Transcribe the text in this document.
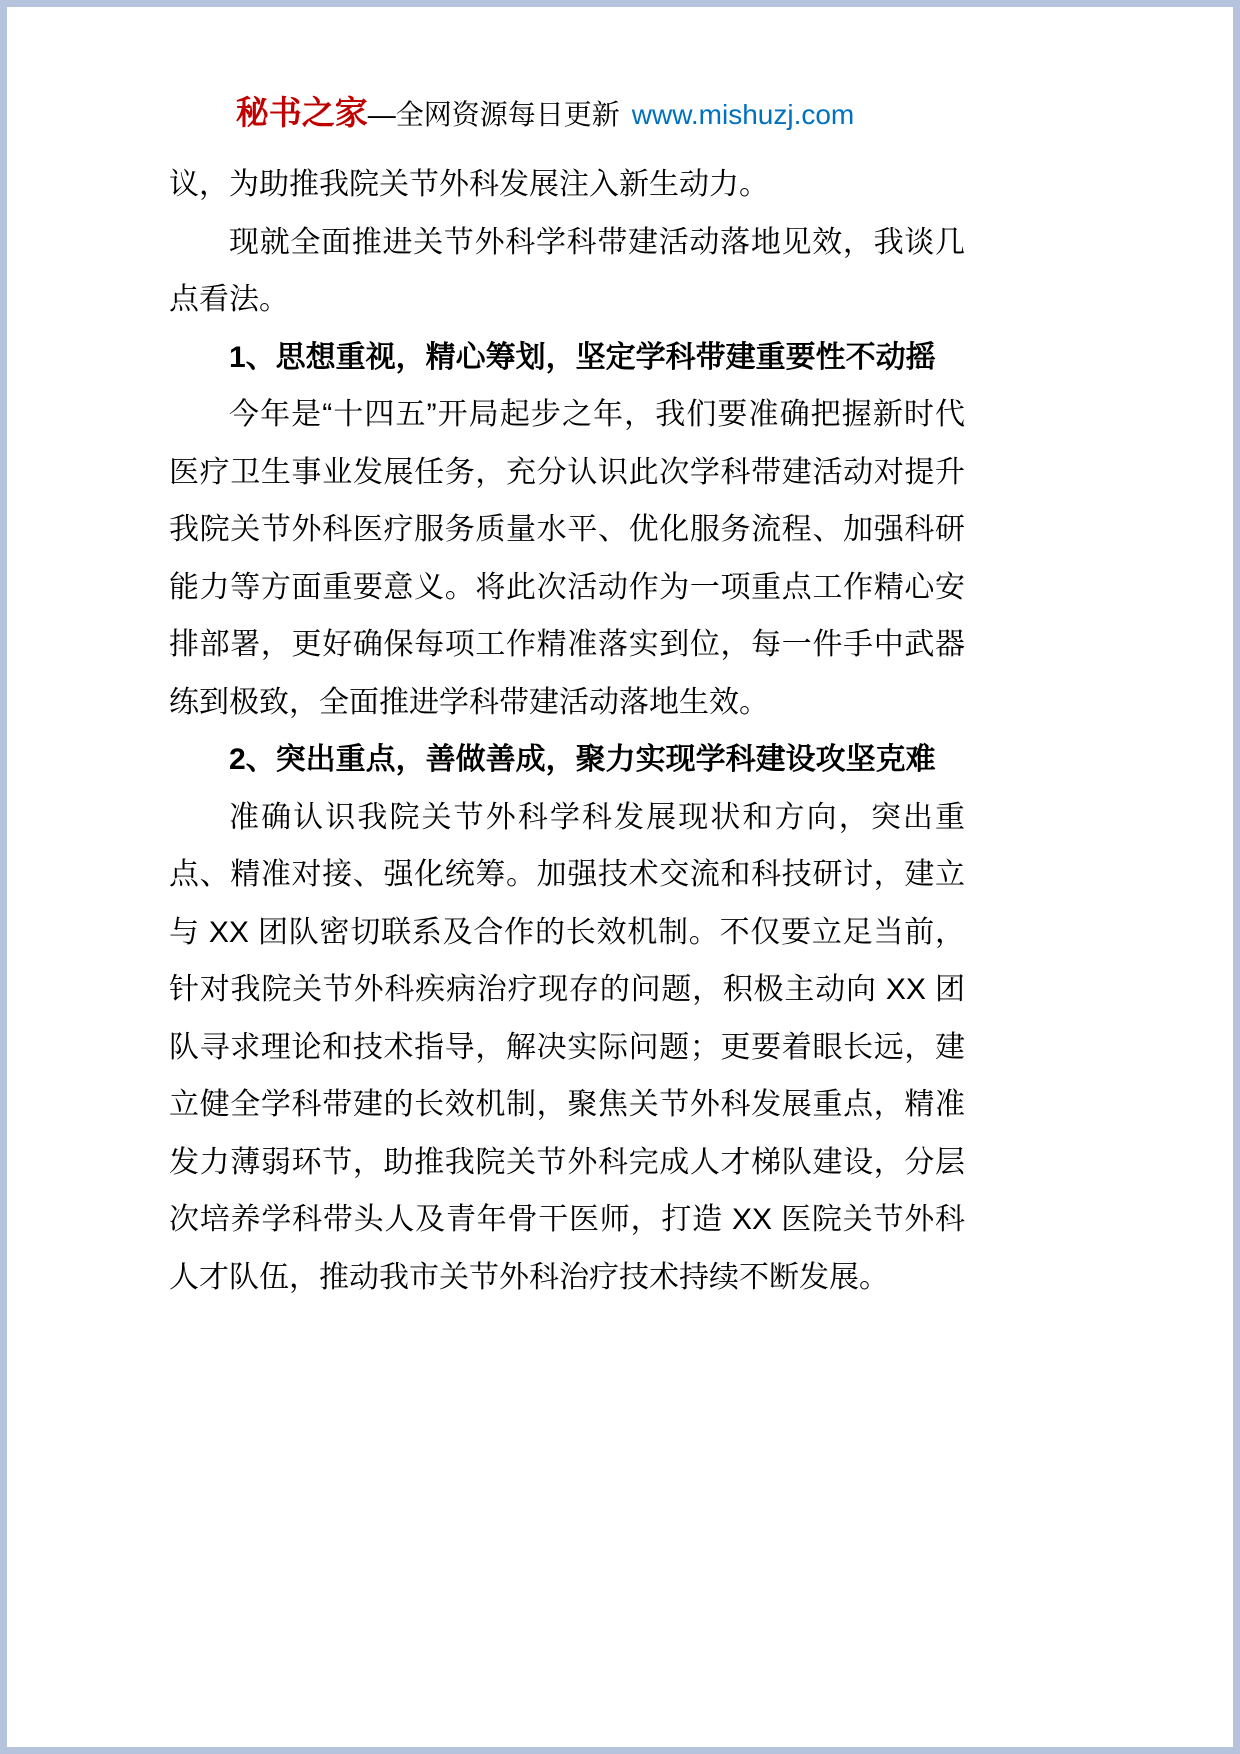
秘书之家—全网资源每日更新 www.mishuzj.com

议，为助推我院关节外科发展注入新生动力。

现就全面推进关节外科学科带建活动落地见效，我谈几点看法。

1、思想重视，精心筹划，坚定学科带建重要性不动摇

今年是“十四五”开局起步之年，我们要准确把握新时代医疗卫生事业发展任务，充分认识此次学科带建活动对提升我院关节外科医疗服务质量水平、优化服务流程、加强科研能力等方面重要意义。将此次活动作为一项重点工作精心安排部署，更好确保每项工作精准落实到位，每一件手中武器练到极致，全面推进学科带建活动落地生效。

2、突出重点，善做善成，聚力实现学科建设攻坚克难

准确认识我院关节外科学科发展现状和方向，突出重点、精准对接、强化统筹。加强技术交流和科技研讨，建立与 XX 团队密切联系及合作的长效机制。不仅要立足当前，针对我院关节外科疾病治疗现存的问题，积极主动向 XX 团队寻求理论和技术指导，解决实际问题；更要着眼长远，建立健全学科带建的长效机制，聚焦关节外科发展重点，精准发力薄弱环节，助推我院关节外科完成人才梯队建设，分层次培养学科带头人及青年骨干医师，打造 XX 医院关节外科人才队伍，推动我市关节外科治疗技术持续不断发展。
